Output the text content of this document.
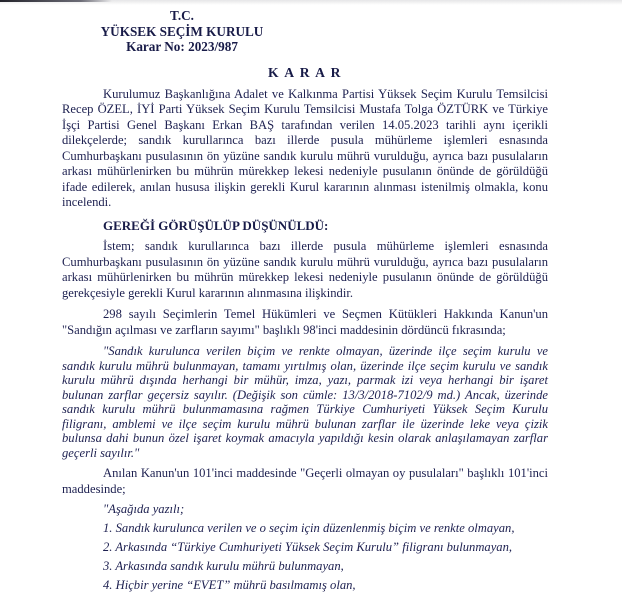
T.C.
YÜKSEK SEÇİM KURULU
Karar No: 2023/987
K A R A R

Kurulumuz Başkanlığına Adalet ve Kalkınma Partisi Yüksek Seçim Kurulu Temsilcisi Recep ÖZEL, İYİ Parti Yüksek Seçim Kurulu Temsilcisi Mustafa Tolga ÖZTÜRK ve Türkiye İşçi Partisi Genel Başkanı Erkan BAŞ tarafından verilen 14.05.2023 tarihli aynı içerikli dilekçelerde; sandık kurullarınca bazı illerde pusula mühürleme işlemleri esnasında Cumhurbaşkanı pusulasının ön yüzüne sandık kurulu mührü vurulduğu, ayrıca bazı pusulaların arkası mühürlenirken bu mührün mürekkep lekesi nedeniyle pusulanın önünde de görüldüğü ifade edilerek, anılan hususa ilişkin gerekli Kurul kararının alınması istenilmiş olmakla, konu incelendi.

GEREĞİ GÖRÜŞÜLÜP DÜŞÜNÜLDÜ:

İstem; sandık kurullarınca bazı illerde pusula mühürleme işlemleri esnasında Cumhurbaşkanı pusulasının ön yüzüne sandık kurulu mührü vurulduğu, ayrıca bazı pusulaların arkası mühürlenirken bu mührün mürekkep lekesi nedeniyle pusulanın önünde de görüldüğü gerekçesiyle gerekli Kurul kararının alınmasına ilişkindir.

298 sayılı Seçimlerin Temel Hükümleri ve Seçmen Kütükleri Hakkında Kanun'un "Sandığın açılması ve zarfların sayımı" başlıklı 98'inci maddesinin dördüncü fıkrasında;

"Sandık kurulunca verilen biçim ve renkte olmayan, üzerinde ilçe seçim kurulu ve sandık kurulu mührü bulunmayan, tamamı yırtılmış olan, üzerinde ilçe seçim kurulu ve sandık kurulu mührü dışında herhangi bir mühür, imza, yazı, parmak izi veya herhangi bir işaret bulunan zarflar geçersiz sayılır. (Değişik son cümle: 13/3/2018-7102/9 md.) Ancak, üzerinde sandık kurulu mührü bulunmamasına rağmen Türkiye Cumhuriyeti Yüksek Seçim Kurulu filigranı, amblemi ve ilçe seçim kurulu mührü bulunan zarflar ile üzerinde leke veya çizik bulunsa dahi bunun özel işaret koymak amacıyla yapıldığı kesin olarak anlaşılamayan zarflar geçerli sayılır."

Anılan Kanun'un 101'inci maddesinde "Geçerli olmayan oy pusulaları" başlıklı 101'inci maddesinde;

"Aşağıda yazılı;
1. Sandık kurulunca verilen ve o seçim için düzenlenmiş biçim ve renkte olmayan,
2. Arkasında “Türkiye Cumhuriyeti Yüksek Seçim Kurulu” filigranı bulunmayan,
3. Arkasında sandık kurulu mührü bulunmayan,
4. Hiçbir yerine “EVET” mührü basılmamış olan,
